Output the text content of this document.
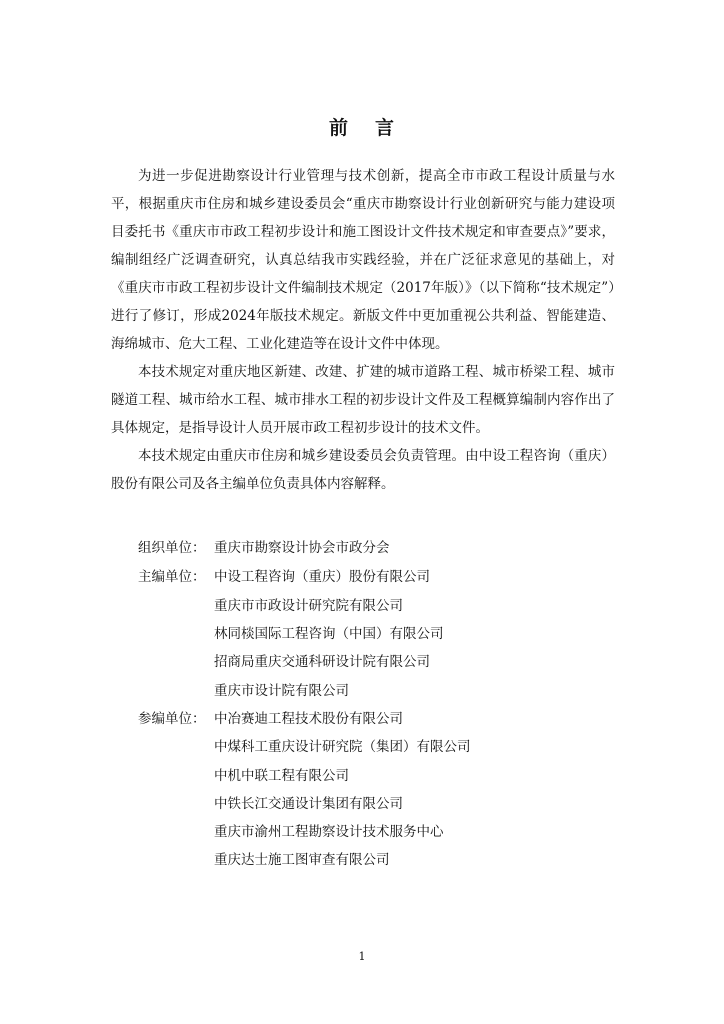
前 言

为进一步促进勘察设计行业管理与技术创新，提高全市市政工程设计质量与水平，根据重庆市住房和城乡建设委员会“重庆市勘察设计行业创新研究与能力建设项目委托书《重庆市市政工程初步设计和施工图设计文件技术规定和审查要点》”要求，编制组经广泛调查研究，认真总结我市实践经验，并在广泛征求意见的基础上，对《重庆市市政工程初步设计文件编制技术规定（2017年版）》（以下简称“技术规定”）进行了修订，形成2024年版技术规定。新版文件中更加重视公共利益、智能建造、海绵城市、危大工程、工业化建造等在设计文件中体现。

本技术规定对重庆地区新建、改建、扩建的城市道路工程、城市桥梁工程、城市隧道工程、城市给水工程、城市排水工程的初步设计文件及工程概算编制内容作出了具体规定，是指导设计人员开展市政工程初步设计的技术文件。

本技术规定由重庆市住房和城乡建设委员会负责管理。由中设工程咨询（重庆）股份有限公司及各主编单位负责具体内容解释。

组织单位： 重庆市勘察设计协会市政分会
主编单位： 中设工程咨询（重庆）股份有限公司
重庆市市政设计研究院有限公司
林同棪国际工程咨询（中国）有限公司
招商局重庆交通科研设计院有限公司
重庆市设计院有限公司
参编单位： 中冶赛迪工程技术股份有限公司
中煤科工重庆设计研究院（集团）有限公司
中机中联工程有限公司
中铁长江交通设计集团有限公司
重庆市渝州工程勘察设计技术服务中心
重庆达士施工图审查有限公司
1
